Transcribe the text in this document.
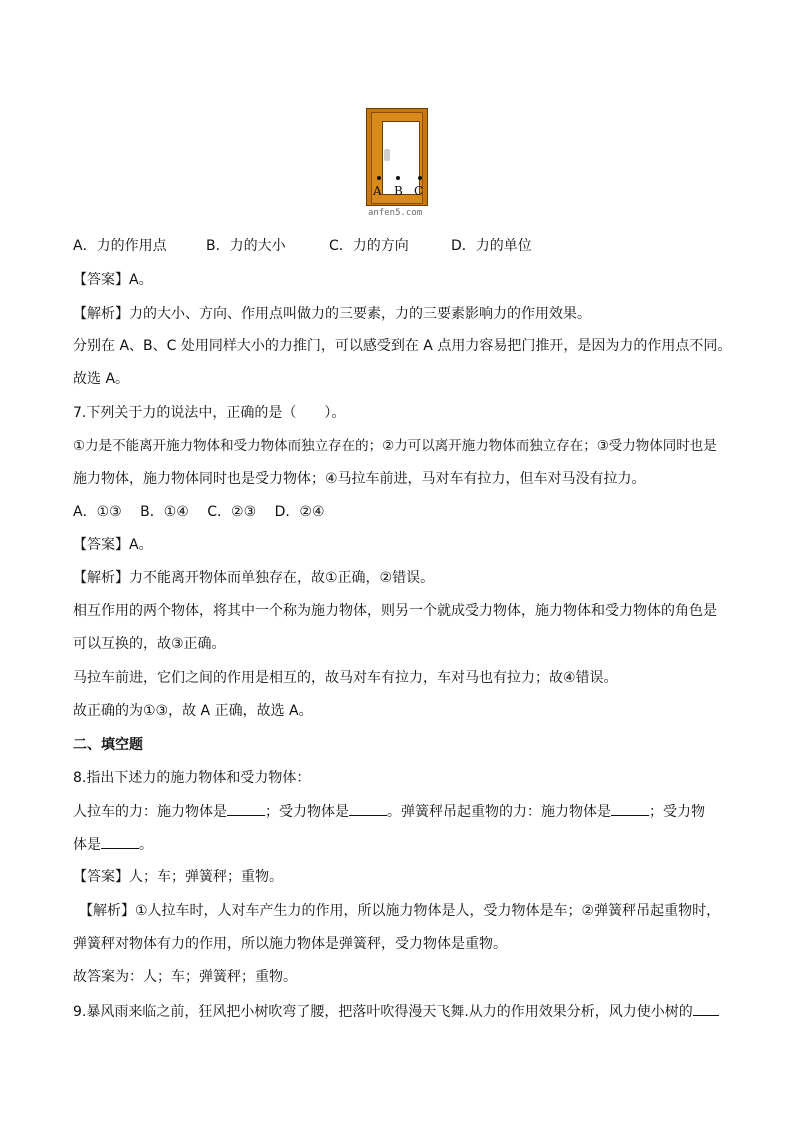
A B C
anfen5.com
A．力的作用点	B．力的大小	C．力的方向	D．力的单位
【答案】A。
【解析】力的大小、方向、作用点叫做力的三要素，力的三要素影响力的作用效果。
分别在 A、B、C 处用同样大小的力推门，可以感受到在 A 点用力容易把门推开，是因为力的作用点不同。
故选 A。
7.下列关于力的说法中，正确的是（　　）。
①力是不能离开施力物体和受力物体而独立存在的；②力可以离开施力物体而独立存在；③受力物体同时也是
施力物体，施力物体同时也是受力物体；④马拉车前进，马对车有拉力，但车对马没有拉力。
A．①③　 B．①④　 C．②③　 D．②④
【答案】A。
【解析】力不能离开物体而单独存在，故①正确，②错误。
相互作用的两个物体，将其中一个称为施力物体，则另一个就成受力物体，施力物体和受力物体的角色是
可以互换的，故③正确。
马拉车前进，它们之间的作用是相互的，故马对车有拉力，车对马也有拉力；故④错误。
故正确的为①③，故 A 正确，故选 A。
二、填空题
8.指出下述力的施力物体和受力物体：
人拉车的力：施力物体是	；受力物体是	。弹簧秤吊起重物的力：施力物体是	；受力物
体是	。
【答案】人；车；弹簧秤；重物。
【解析】①人拉车时，人对车产生力的作用，所以施力物体是人，受力物体是车；②弹簧秤吊起重物时，
弹簧秤对物体有力的作用，所以施力物体是弹簧秤，受力物体是重物。
故答案为：人；车；弹簧秤；重物。
9.暴风雨来临之前，狂风把小树吹弯了腰，把落叶吹得漫天飞舞.从力的作用效果分析，风力使小树的
